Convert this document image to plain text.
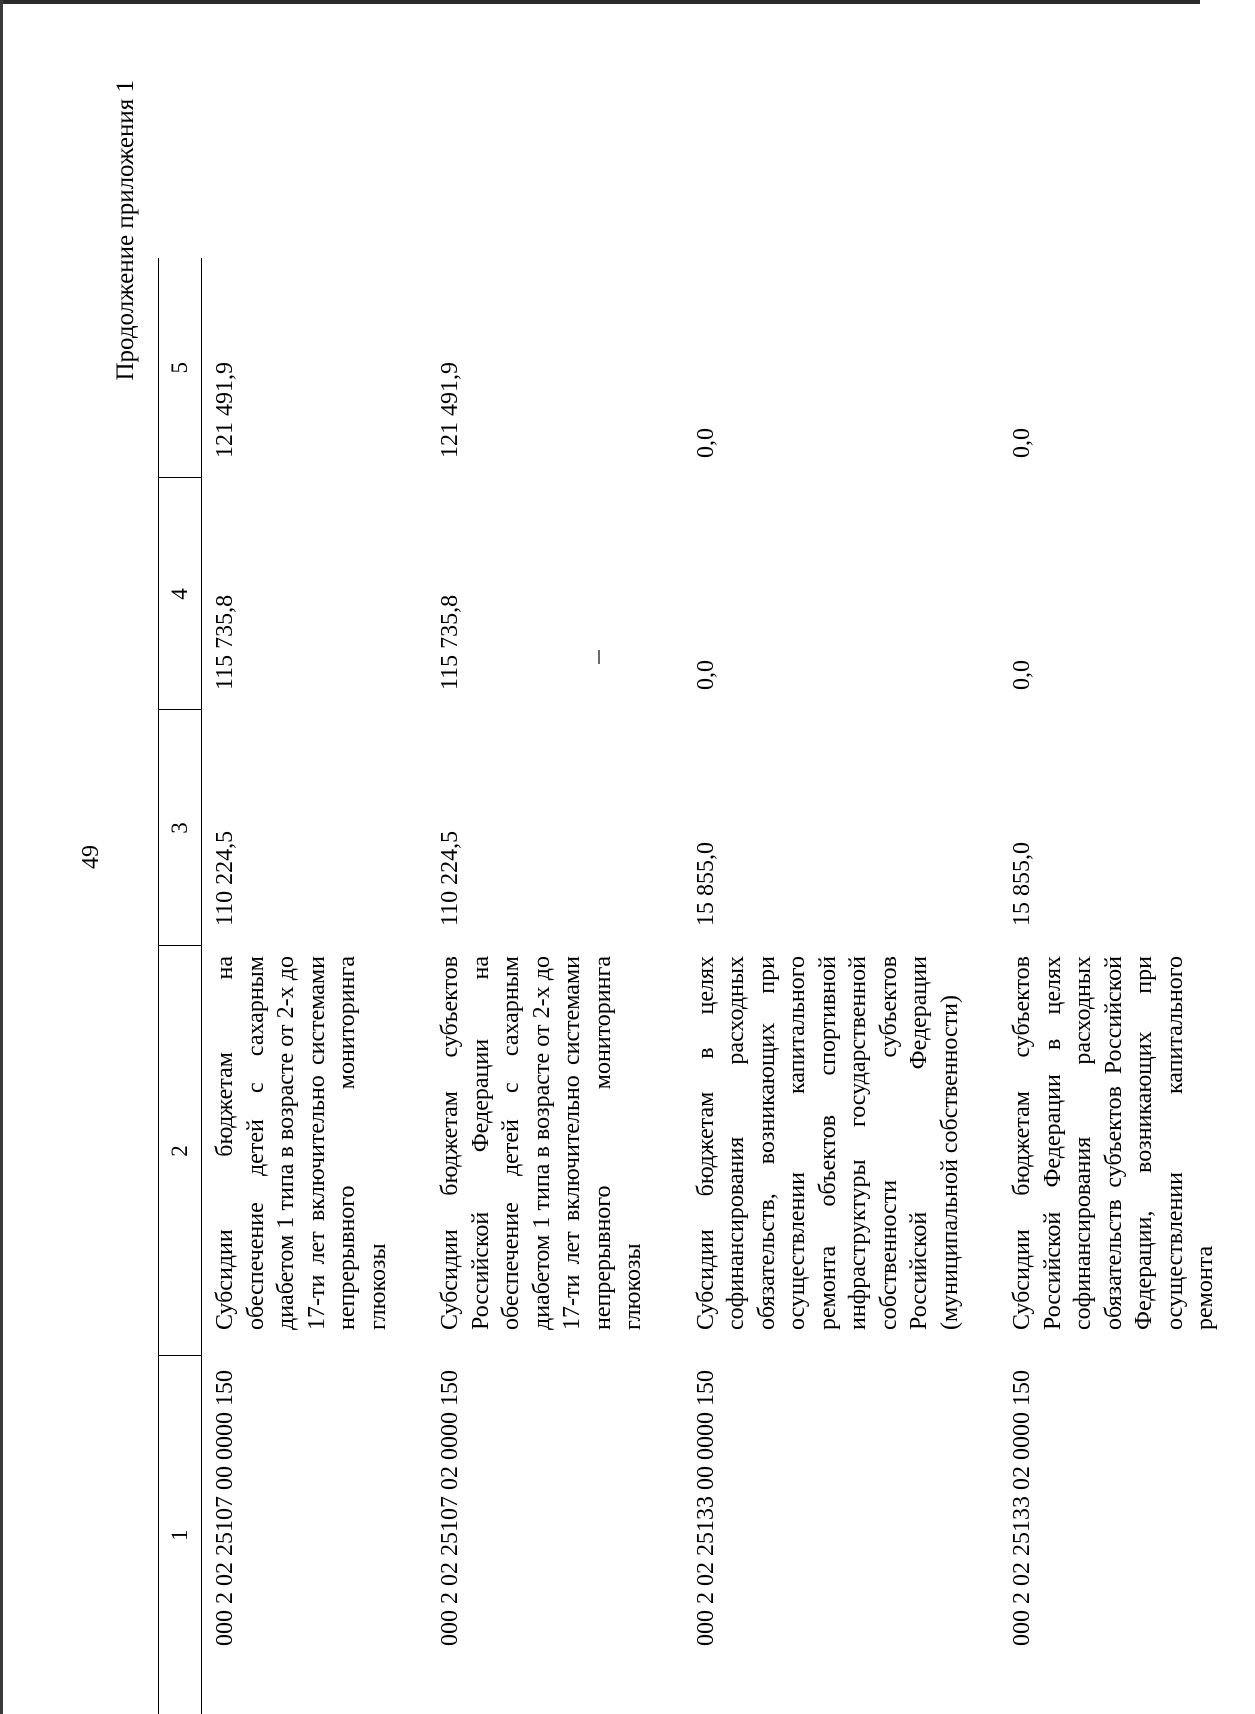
49
Продолжение приложения 1
1	2	3	4	5
000 2 02 25107 00 0000 150	Субсидии бюджетам на обеспечение детей с сахарным диабетом 1 типа в возрасте от 2-х до 17-ти лет включительно системами непрерывного мониторинга глюкозы	110 224,5	115 735,8	121 491,9
000 2 02 25107 02 0000 150	Субсидии бюджетам субъектов Российской Федерации на обеспечение детей с сахарным диабетом 1 типа в возрасте от 2-х до 17-ти лет включительно системами непрерывного мониторинга глюкозы	110 224,5	115 735,8	121 491,9
000 2 02 25133 00 0000 150	Субсидии бюджетам в целях софинансирования расходных обязательств, возникающих при осуществлении капитального ремонта объектов спортивной инфраструктуры государственной собственности субъектов Российской Федерации (муниципальной собственности)	15 855,0	0,0	0,0
000 2 02 25133 02 0000 150	Субсидии бюджетам субъектов Российской Федерации в целях софинансирования расходных обязательств субъектов Российской Федерации, возникающих при осуществлении капитального ремонта	15 855,0	0,0	0,0
